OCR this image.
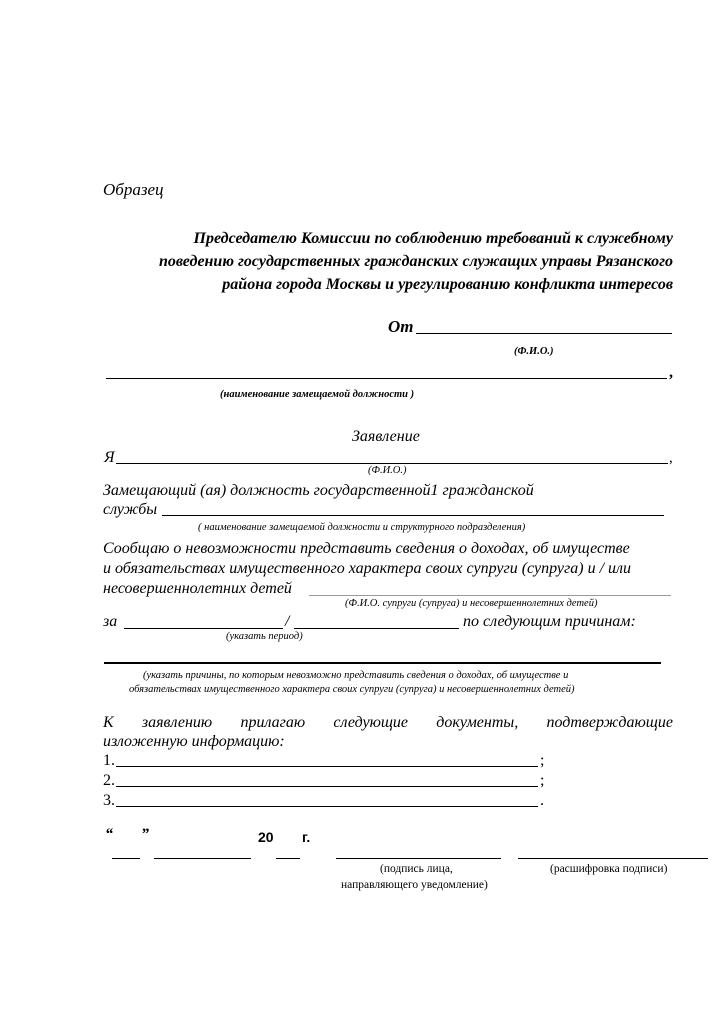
Образец
Председателю Комиссии по соблюдению требований к служебному
поведению государственных гражданских служащих управы Рязанского
района города Москвы и урегулированию конфликта интересов
От
(Ф.И.О.)
,
(наименование замещаемой должности )
Заявление
Я	,
(Ф.И.О.)
Замещающий (ая) должность государственной1 гражданской
службы
( наименование замещаемой должности и структурного подразделения)
Сообщаю о невозможности представить сведения о доходах, об имуществе
и обязательствах имущественного характера своих супруги (супруга) и / или
несовершеннолетних детей
(Ф.И.О. супруги (супруга) и несовершеннолетних детей)
за	/	по следующим причинам:
(указать период)
(указать причины, по которым невозможно представить сведения о доходах, об имуществе и
обязательствах имущественного характера своих супруги (супруга) и несовершеннолетних детей)
К заявлению прилагаю следующие документы, подтверждающие
изложенную информацию:
1.	;
2.	;
3.	.
“ ”	20 г.
(подпись лица,
направляющего уведомление)
(расшифровка подписи)
